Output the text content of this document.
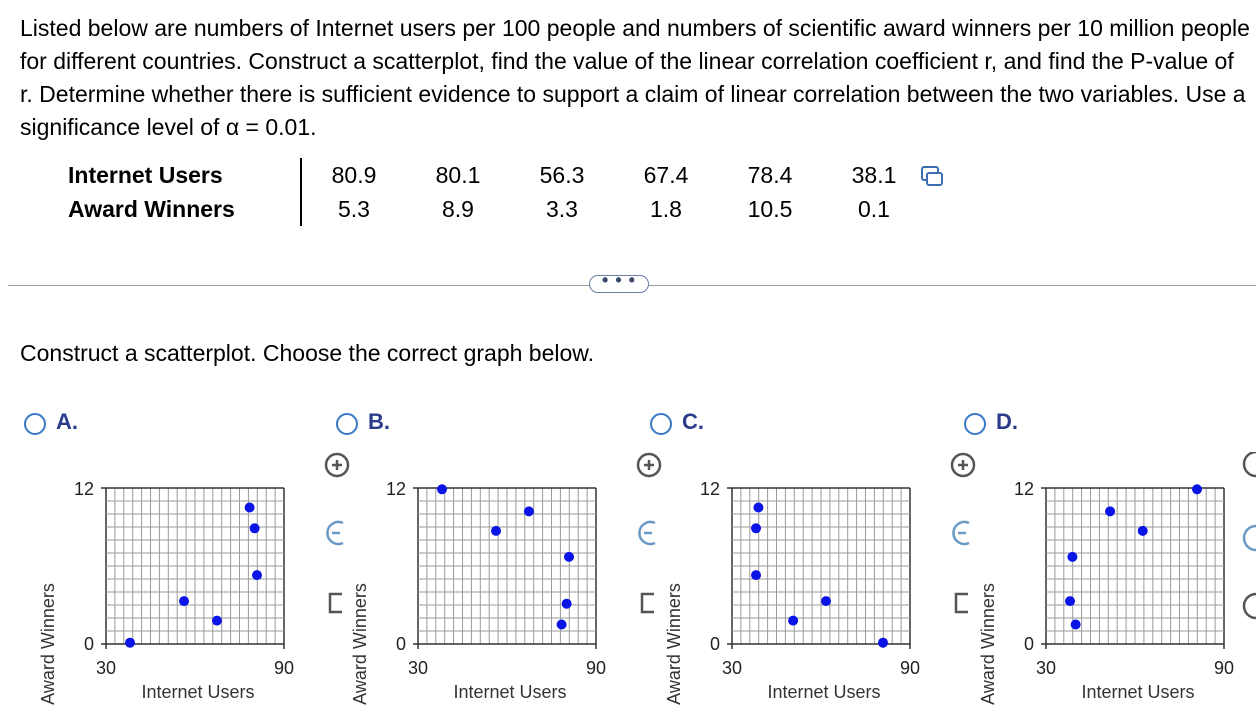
Listed below are numbers of Internet users per 100 people and numbers of scientific award winners per 10 million people for different countries. Construct a scatterplot, find the value of the linear correlation coefficient r, and find the P-value of r. Determine whether there is sufficient evidence to support a claim of linear correlation between the two variables. Use a significance level of α = 0.01.

Internet Users	80.9	80.1	56.3	67.4	78.4	38.1
Award Winners	5.3	8.9	3.3	1.8	10.5	0.1
• • •
Construct a scatterplot. Choose the correct graph below.
A.
Award Winners
12
0
30	90
Internet Users
B.
Award Winners
12
0
30	90
Internet Users
C.
Award Winners
12
0
30	90
Internet Users
D.
Award Winners
12
0
30	90
Internet Users
